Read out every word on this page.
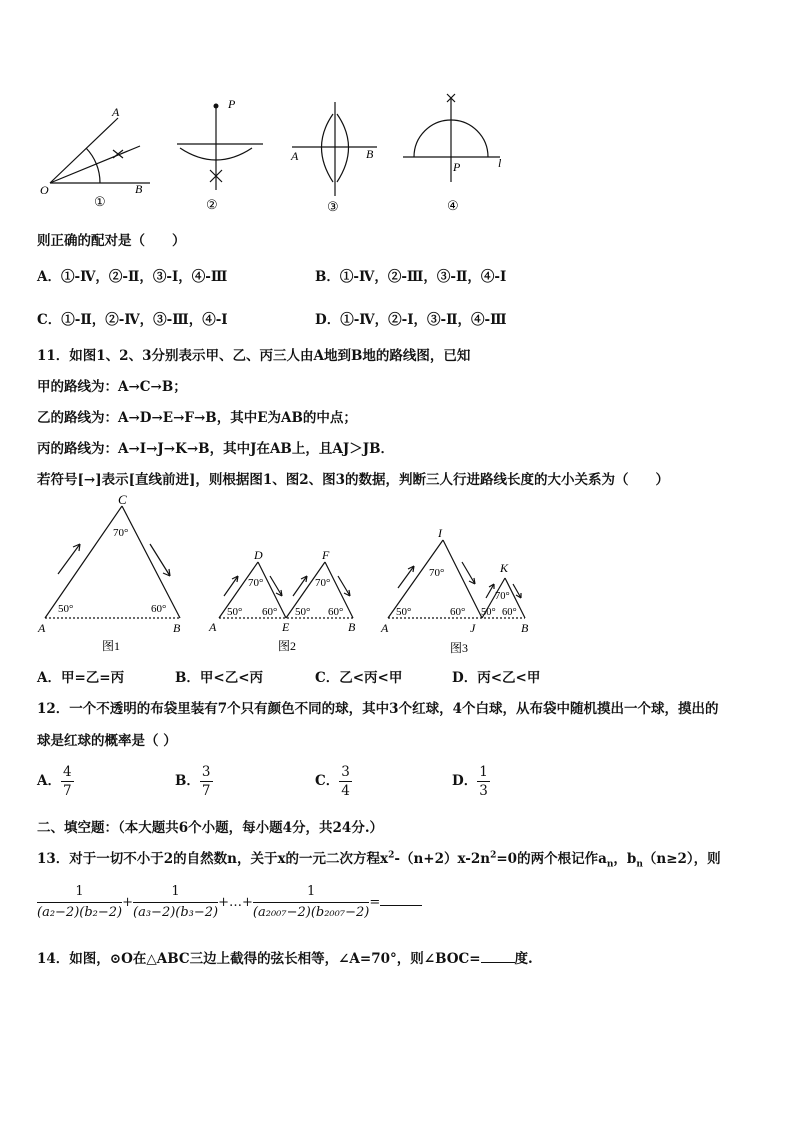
A
O	B
①
P
②
A	B
③
P	l
④
则正确的配对是（　　）
A．①-Ⅳ，②-Ⅱ，③-Ⅰ，④-Ⅲ	B．①-Ⅳ，②-Ⅲ，③-Ⅱ，④-Ⅰ
C．①-Ⅱ，②-Ⅳ，③-Ⅲ，④-Ⅰ	D．①-Ⅳ，②-Ⅰ，③-Ⅱ，④-Ⅲ
11．如图1、2、3分别表示甲、乙、丙三人由A地到B地的路线图，已知
甲的路线为：A→C→B；
乙的路线为：A→D→E→F→B，其中E为AB的中点；
丙的路线为：A→I→J→K→B，其中J在AB上，且AJ＞JB．
若符号[→]表示[直线前进]，则根据图1、图2、图3的数据，判断三人行进路线长度的大小关系为（　　）
C
70°
50°	60°
A	B
图1
D	F
70°	70°
50° 60° 50° 60°
A	E	B
图2
I
K
70°
70°
50°	60° 50° 60°
A	J	B
图3
A．甲=乙=丙	B．甲<乙<丙	C．乙<丙<甲	D．丙<乙<甲
12．一个不透明的布袋里装有7个只有颜色不同的球，其中3个红球，4个白球，从布袋中随机摸出一个球，摸出的
球是红球的概率是（ ）
A． $\frac{4}{7}$	B． $\frac{3}{7}$	C． $\frac{3}{4}$	D． $\frac{1}{3}$
二、填空题：（本大题共6个小题，每小题4分，共24分.）
13．对于一切不小于2的自然数n，关于x的一元二次方程$x^2-(n+2)x-2n^2=0$的两个根记作$a_n$，$b_n(n\ge 2)$，则
$\frac{1}{\text{(a₂−2)(b₂−2)}} + \frac{1}{\text{(a₃−2)(b₃−2)}}$ +…+ $\frac{1}{\text{(a₂₀₀₇−2)(b₂₀₀₇−2)}}$ =
14．如图，⊙O在△ABC三边上截得的弦长相等，∠A=70°，则∠BOC=	度.
